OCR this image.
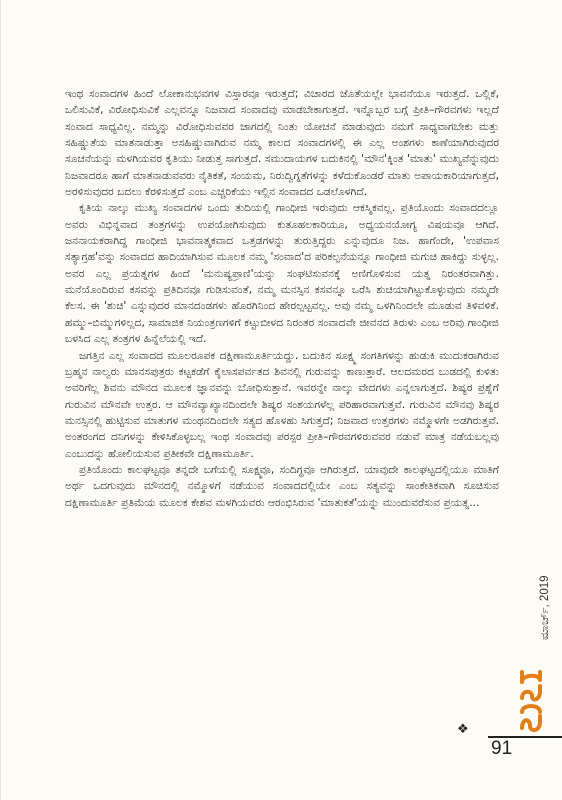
ಇಂಥ ಸಂವಾದಗಳ ಹಿಂದೆ ಲೋಕಾನುಭವಗಳ ವಿಸ್ತಾರವೂ ಇರುತ್ತದೆ; ವಿಚಾರದ ಜೊತೆಯಲ್ಲೇ ಭಾವನೆಯೂ ಇರುತ್ತದೆ. ಒಲ್ಲಿಕೆ, ಒಲಿಸುವಿಕೆ, ವಿರೋಧಿಸುವಿಕೆ ಎಲ್ಲವನ್ನೂ ನಿಜವಾದ ಸಂವಾದವು ಮಾಡಬೇಕಾಗುತ್ತದೆ. ಇನ್ನೊಬ್ಬರ ಬಗ್ಗೆ ಪ್ರೀತಿ–ಗೌರವಗಳು ಇಲ್ಲದೆ ಸಂವಾದ ಸಾಧ್ಯವಿಲ್ಲ. ನಮ್ಮನ್ನು ವಿರೋಧಿಸುವವರ ಜಾಗದಲ್ಲಿ ನಿಂತು ಯೋಚನೆ ಮಾಡುವುದು ನಮಗೆ ಸಾಧ್ಯವಾಗಬೇಕು ಮತ್ತು ಸಹಿಷ್ಣುತೆಯ ಮಾತನಾಡುತ್ತಾ ಅಸಹಿಷ್ಣುವಾಗಿರುವ ನಮ್ಮ ಕಾಲದ ಸಂವಾದಗಳಲ್ಲಿ ಈ ಎಲ್ಲ ಅಂಶಗಳು ಕಾಣೆಯಾಗಿರುವುದರ ಸೂಚನೆಯನ್ನು ಮಳಗಿಯವರ ಕೃತಿಯು ನೀಡುತ್ತ ಸಾಗುತ್ತದೆ. ಸಮುದಾಯಗಳ ಬದುಕಿನಲ್ಲಿ 'ಮೌನ'ಕ್ಕಿಂತ 'ಮಾತು' ಮುಖ್ಯವೆನ್ನುವುದು ನಿಜವಾದರೂ ಹಾಗೆ ಮಾತನಾಡುವವರು ನೈತಿಕತೆ, ಸಂಯಮ, ನಿರುದ್ವಿಗ್ನತೆಗಳನ್ನು ಕಳೆದುಕೊಂಡರೆ ಮಾತು ಅಪಾಯಕಾರಿಯಾಗುತ್ತದೆ, ಅರಳಿಸುವುದರ ಬದಲು ಕೆರಳಿಸುತ್ತದೆ ಎಂಬ ಎಚ್ಚರಿಕೆಯು ಇಲ್ಲಿನ ಸಂವಾದದ ಒಡಲೊಳಗಿದೆ.

ಕೃತಿಯ ನಾಲ್ಕು ಮುಖ್ಯ ಸಂವಾದಗಳ ಒಂದು ತುದಿಯಲ್ಲಿ ಗಾಂಧೀಜಿ ಇರುವುದು ಆಕಸ್ಮಿಕವಲ್ಲ. ಪ್ರತಿಯೊಂದು ಸಂವಾದದಲ್ಲೂ ಅವರು ವಿಭಿನ್ನವಾದ ತಂತ್ರಗಳನ್ನು ಉಪಯೋಗಿಸುವುದು ಕುತೂಹಲಕಾರಿಯೂ, ಅಧ್ಯಯನಯೋಗ್ಯ ವಿಷಯವೂ ಆಗಿದೆ. ಜನನಾಯಕರಾಗಿದ್ದ ಗಾಂಧೀಜಿ ಭಾವನಾತ್ಮಕವಾದ ಒತ್ತಡಗಳನ್ನು ತುರುತ್ತಿದ್ದರು ಎನ್ನುವುದೂ ನಿಜ. ಹಾಗೆಂದೇ, 'ಉಪವಾಸ ಸತ್ಯಾಗ್ರಹ'ವನ್ನು ಸಂವಾದದ ಹಾದಿಯಾಗಿಸುವ ಮೂಲಕ ನಮ್ಮ 'ಸಂವಾದ'ದ ಪರಿಕಲ್ಪನೆಯನ್ನೂ ಗಾಂಧೀಜಿ ಮಗುಚಿ ಹಾಕಿದ್ದು ಸುಳ್ಳಲ್ಲ. ಅವರ ಎಲ್ಲ ಪ್ರಯತ್ನಗಳ ಹಿಂದೆ 'ಮನುಷ್ಯಪ್ರಾಣಿ'ಯನ್ನು ಸಂಘಟಿಸುವನಕ್ಕೆ ಅಣಿಗೊಳಿಸುವ ಯತ್ನ ನಿರಂತರವಾಗಿತ್ತು. ಮನೆಯೊಂದಿರುವ ಕಸವನ್ನು ಪ್ರತಿದಿನವೂ ಗುಡಿಸುವಂತೆ, ನಮ್ಮ ಮನಸ್ಸಿನ ಕಸವನ್ನೂ ಒರೆಸಿ ಶುಚಿಯಾಗಿಟ್ಟುಕೊಳ್ಳುವುದು ನಮ್ಮದೇ ಕೆಲಸ. ಈ 'ಶುಚಿ' ಎನ್ನುವುದರ ಮಾನದಂಡಗಳು ಹೊರಗಿನಿಂದ ಹೇರಲ್ಪಟ್ಟವಲ್ಲ. ಅವು ನಮ್ಮ ಒಳಗಿನಿಂದಲೇ ಮೂಡುವ ತಿಳಿವಳಿಕೆ. ಹಮ್ಮು–ಬಿಮ್ಮುಗಳಿಲ್ಲದ, ಸಾಮಾಜಿಕ ನಿಯಂತ್ರಣಗಳಿಗೆ ಕಟ್ಟುಬೀಳದ ನಿರಂತರ ಸಂವಾದವೇ ಜೀವನದ ತಿರುಳು ಎಂಬ ಅರಿವು ಗಾಂಧೀಜಿ ಬಳಸಿದ ಎಲ್ಲ ತಂತ್ರಗಳ ಹಿನ್ನೆಲೆಯಲ್ಲಿ ಇದೆ.

ಜಗತ್ತಿನ ಎಲ್ಲ ಸಂವಾದದ ಮೂಲರೂಪಕ ದಕ್ಷಿಣಾಮೂರ್ತಿಯದ್ದು. ಬದುಕಿನ ಸೂಕ್ಷ್ಮ ಸಂಗತಿಗಳನ್ನು ಹುಡುಕಿ ಮುದುಕರಾಗಿರುವ ಬ್ರಹ್ಮನ ನಾಲ್ವರು ಮಾನಸಪುತ್ರರು ಕಟ್ಟಕಡೆಗೆ ಕೈಲಾಸಪರ್ವತದ ಶಿವನಲ್ಲಿ ಗುರುವನ್ನು ಕಾಣುತ್ತಾರೆ. ಆಲದಮರದ ಬುಡದಲ್ಲಿ ಕುಳಿತು ಅವರಿಗೆಲ್ಲ ಶಿವನು ಮೌನದ ಮೂಲಕ ಜ್ಞಾನವನ್ನು ಬೋಧಿಸುತ್ತಾನೆ. ಇವರನ್ನೇ ನಾಲ್ಕು ವೇದಗಳು ಎನ್ನಲಾಗುತ್ತದೆ. ಶಿಷ್ಯರ ಪ್ರಶ್ನೆಗೆ ಗುರುವಿನ ಮೌನವೇ ಉತ್ತರ. ಆ ಮೌನವ್ಯಾಖ್ಯಾನದಿಂದಲೇ ಶಿಷ್ಯರ ಸಂಶಯಗಳೆಲ್ಲ ಪರಿಹಾರವಾಗುತ್ತವೆ. ಗುರುವಿನ ಮೌನವು ಶಿಷ್ಯರ ಮನಸ್ಸಿನಲ್ಲಿ ಹುಟ್ಟಿಸುವ ಮಾತುಗಳ ಮಂಥನದಿಂದಲೇ ಸತ್ಯದ ಹೊಳಹು ಸಿಗುತ್ತದೆ; ನಿಜವಾದ ಉತ್ತರಗಳು ನಮ್ಮೊಳಗೇ ಅಡಗಿರುತ್ತವೆ. ಅಂತರಂಗದ ದನಿಗಳನ್ನು ಕೇಳಿಸಿಕೊಳ್ಳಬಲ್ಲ ಇಂಥ ಸಂವಾದವು ಪರಸ್ಪರ ಪ್ರೀತಿ–ಗೌರವಗಳಿರುವವರ ನಡುವೆ ಮಾತ್ರ ನಡೆಯಬಲ್ಲವು ಎಂಬುದನ್ನು ಹೋಲಿಯಸುವ ಪ್ರತೀಕವೇ ದಕ್ಷಿಣಾಮೂರ್ತಿ.

ಪ್ರತಿಯೊಂದು ಕಾಲಘಟ್ಟವೂ ತನ್ನದೇ ಬಗೆಯಲ್ಲಿ ಸೂಕ್ಷ್ಮವೂ, ಸಂದಿಗ್ಧವೂ ಆಗಿರುತ್ತದೆ. ಯಾವುದೇ ಕಾಲಘಟ್ಟದಲ್ಲಿಯೂ ಮಾತಿಗೆ ಅರ್ಥ ಒದಗುವುದು ಮೌನದಲ್ಲಿ ನಮ್ಮೊಳಗೆ ನಡೆಯುವ ಸಂವಾದದಲ್ಲಿಯೇ ಎಂಬ ಸತ್ಯವನ್ನು ಸಾಂಕೇತಿಕವಾಗಿ ಸೂಚಿಸುವ ದಕ್ಷಿಣಾಮೂರ್ತಿ ಪ್ರತಿಮೆಯ ಮೂಲಕ ಕೇಶವ ಮಳಗಿಯವರು ಆರಂಭಿಸಿರುವ 'ಮಾತುಕತೆ'ಯನ್ನು ಮುಂದುವರೆಸುವ ಪ್ರಯತ್ನ...

ಮಾರ್ಚ್, 2019
❖
91
